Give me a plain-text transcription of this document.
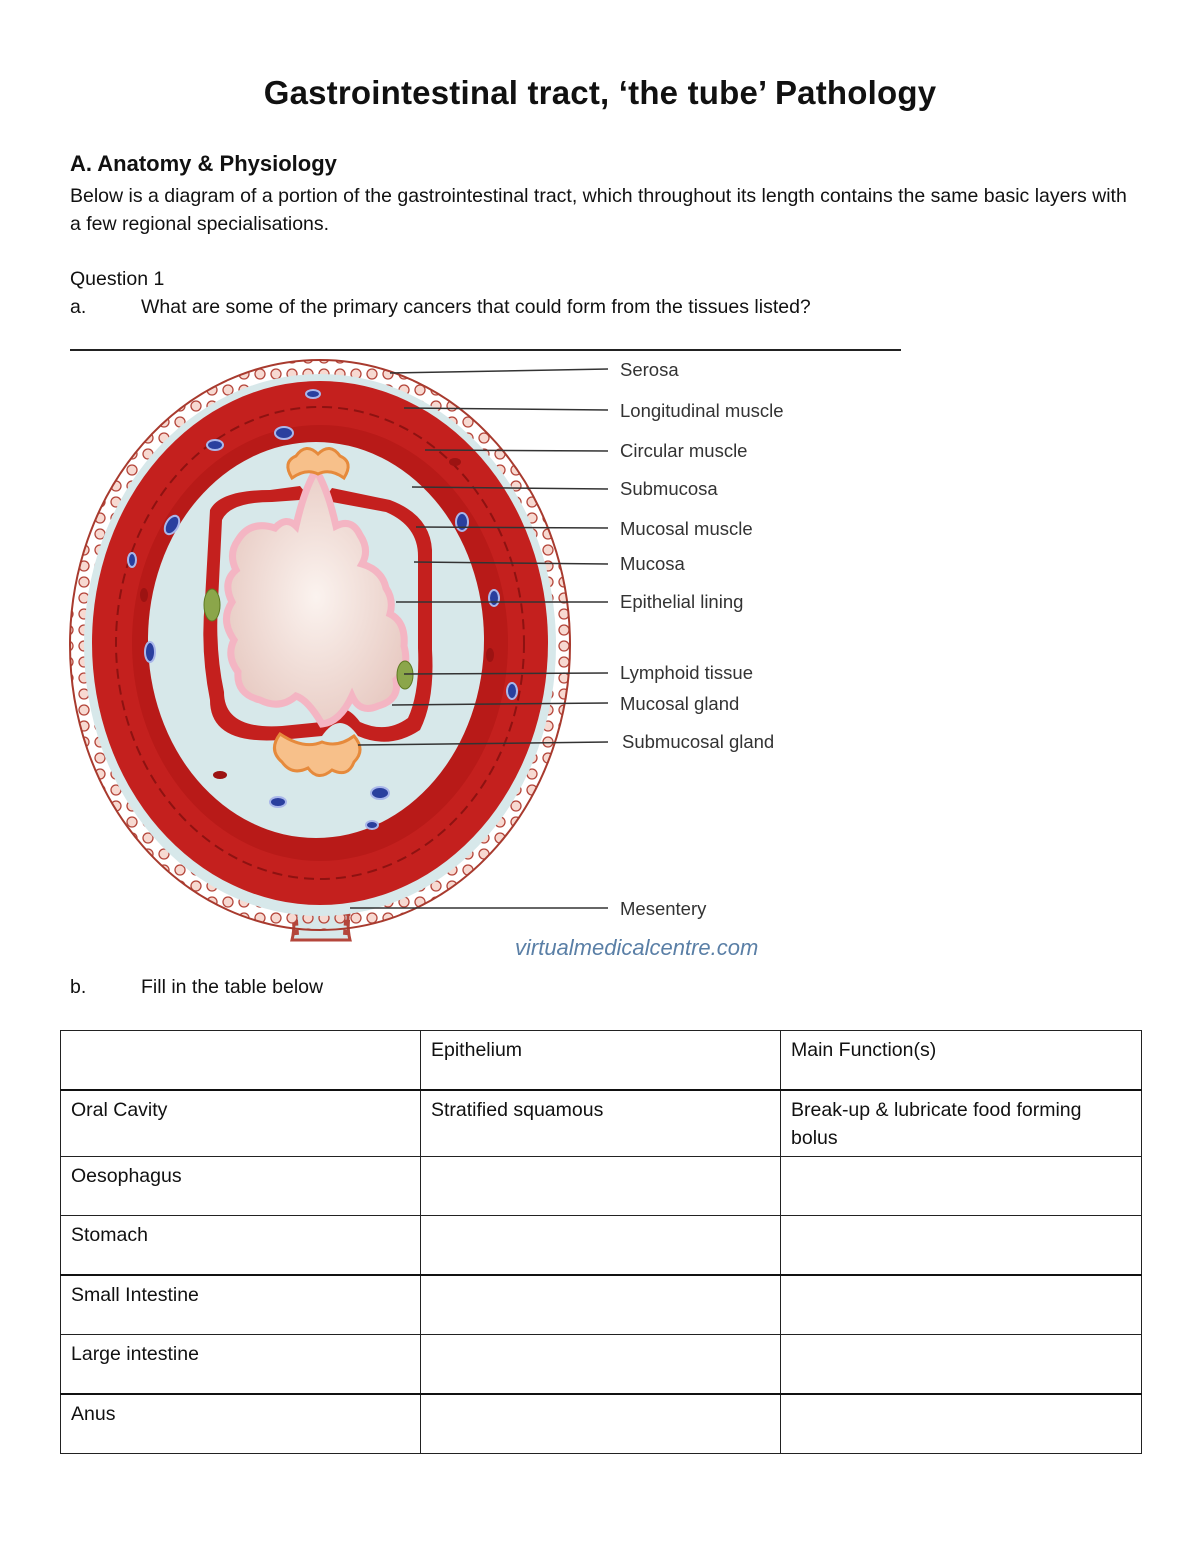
Gastrointestinal tract, ‘the tube’ Pathology
A. Anatomy & Physiology
Below is a diagram of a portion of the gastrointestinal tract, which throughout its length contains the same basic layers with a few regional specialisations.
Question 1
a.	What are some of the primary cancers that could form from the tissues listed?
Serosa
Longitudinal muscle
Circular muscle
Submucosa
Mucosal muscle
Mucosa
Epithelial lining
Lymphoid tissue
Mucosal gland
Submucosal gland
Mesentery
virtualmedicalcentre.com
b.	Fill in the table below
	Epithelium	Main Function(s)
Oral Cavity	Stratified squamous	Break-up & lubricate food forming bolus
Oesophagus		
Stomach		
Small Intestine		
Large intestine		
Anus		
